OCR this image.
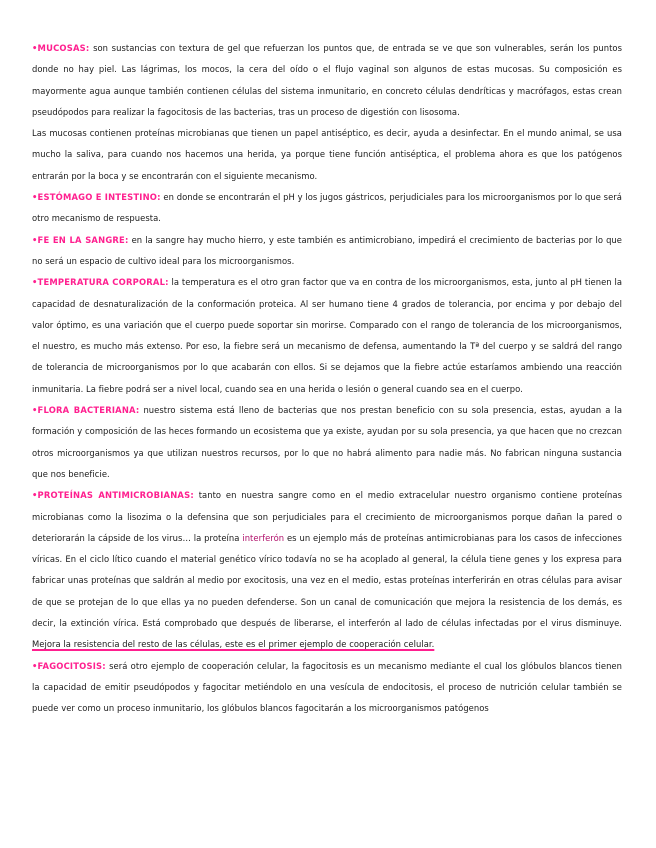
•MUCOSAS: son sustancias con textura de gel que refuerzan los puntos que, de entrada se ve que son vulnerables, serán los puntos donde no hay piel. Las lágrimas, los mocos, la cera del oído o el flujo vaginal son algunos de estas mucosas. Su composición es mayormente agua aunque también contienen células del sistema inmunitario, en concreto células dendríticas y macrófagos, estas crean pseudópodos para realizar la fagocitosis de las bacterias, tras un proceso de digestión con lisosoma.

Las mucosas contienen proteínas microbianas que tienen un papel antiséptico, es decir, ayuda a desinfectar. En el mundo animal, se usa mucho la saliva, para cuando nos hacemos una herida, ya porque tiene función antiséptica, el problema ahora es que los patógenos entrarán por la boca y se encontrarán con el siguiente mecanismo.

•ESTÓMAGO E INTESTINO: en donde se encontrarán el pH y los jugos gástricos, perjudiciales para los microorganismos por lo que será otro mecanismo de respuesta.

•FE EN LA SANGRE: en la sangre hay mucho hierro, y este también es antimicrobiano, impedirá el crecimiento de bacterias por lo que no será un espacio de cultivo ideal para los microorganismos.

•TEMPERATURA CORPORAL: la temperatura es el otro gran factor que va en contra de los microorganismos, esta, junto al pH tienen la capacidad de desnaturalización de la conformación proteica. Al ser humano tiene 4 grados de tolerancia, por encima y por debajo del valor óptimo, es una variación que el cuerpo puede soportar sin morirse. Comparado con el rango de tolerancia de los microorganismos, el nuestro, es mucho más extenso. Por eso, la fiebre será un mecanismo de defensa, aumentando la Tª del cuerpo y se saldrá del rango de tolerancia de microorganismos por lo que acabarán con ellos. Si se dejamos que la fiebre actúe estaríamos ambiendo una reacción inmunitaria. La fiebre podrá ser a nivel local, cuando sea en una herida o lesión o general cuando sea en el cuerpo.

•FLORA BACTERIANA: nuestro sistema está lleno de bacterias que nos prestan beneficio con su sola presencia, estas, ayudan a la formación y composición de las heces formando un ecosistema que ya existe, ayudan por su sola presencia, ya que hacen que no crezcan otros microorganismos ya que utilizan nuestros recursos, por lo que no habrá alimento para nadie más. No fabrican ninguna sustancia que nos beneficie.

•PROTEÍNAS ANTIMICROBIANAS: tanto en nuestra sangre como en el medio extracelular nuestro organismo contiene proteínas microbianas como la lisozima o la defensina que son perjudiciales para el crecimiento de microorganismos porque dañan la pared o deteriorarán la cápside de los virus… la proteína interferón es un ejemplo más de proteínas antimicrobianas para los casos de infecciones víricas. En el ciclo lítico cuando el material genético vírico todavía no se ha acoplado al general, la célula tiene genes y los expresa para fabricar unas proteínas que saldrán al medio por exocitosis, una vez en el medio, estas proteínas interferirán en otras células para avisar de que se protejan de lo que ellas ya no pueden defenderse. Son un canal de comunicación que mejora la resistencia de los demás, es decir, la extinción vírica. Está comprobado que después de liberarse, el interferón al lado de células infectadas por el virus disminuye. Mejora la resistencia del resto de las células, este es el primer ejemplo de cooperación celular.

•FAGOCITOSIS: será otro ejemplo de cooperación celular, la fagocitosis es un mecanismo mediante el cual los glóbulos blancos tienen la capacidad de emitir pseudópodos y fagocitar metiéndolo en una vesícula de endocitosis, el proceso de nutrición celular también se puede ver como un proceso inmunitario, los glóbulos blancos fagocitarán a los microorganismos patógenos
